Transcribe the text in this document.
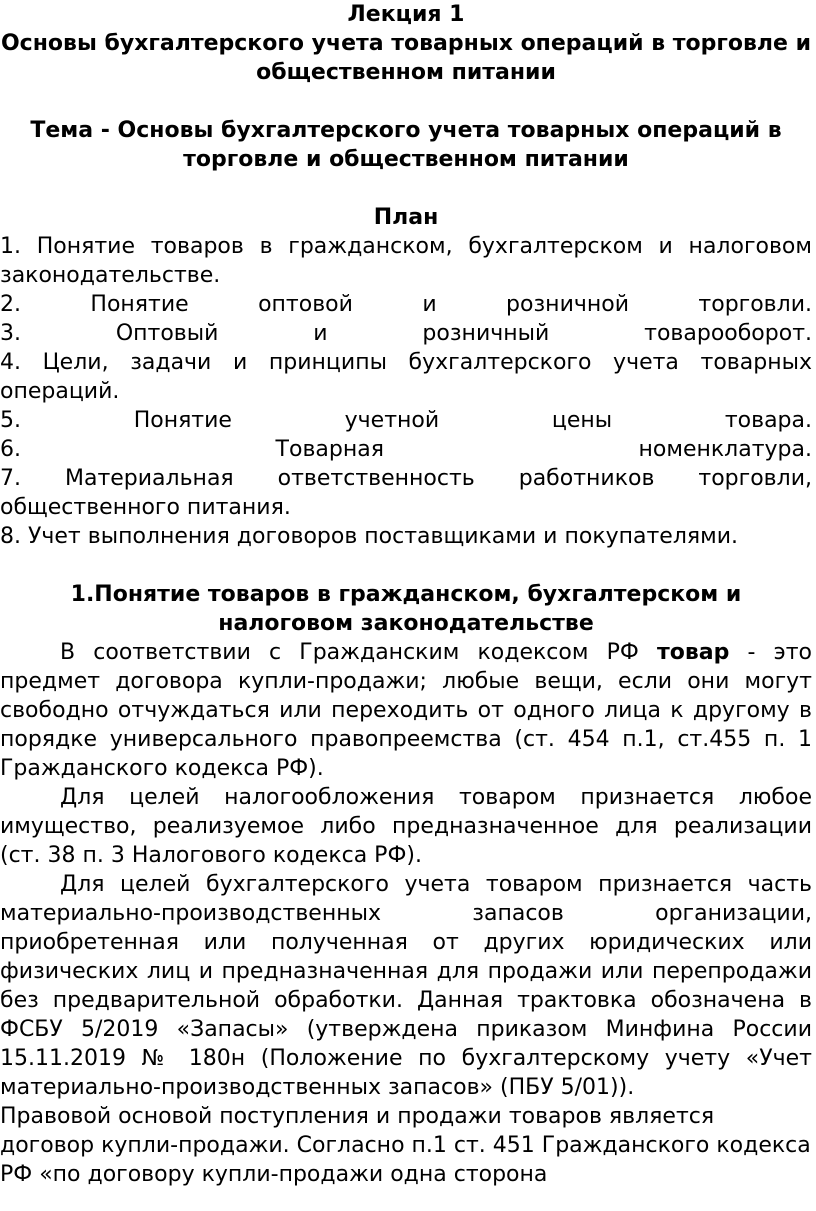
Лекция 1
Основы бухгалтерского учета товарных операций в торговле и общественном питании
Тема - Основы бухгалтерского учета товарных операций в торговле и общественном питании
План
1. Понятие товаров в гражданском, бухгалтерском и налоговом законодательстве.
2. Понятие оптовой и розничной торговли.
3. Оптовый и розничный товарооборот.
4. Цели, задачи и принципы бухгалтерского учета товарных операций.
5. Понятие учетной цены товара.
6. Товарная номенклатура.
7. Материальная ответственность работников торговли, общественного питания.
8. Учет выполнения договоров поставщиками и покупателями.
1.Понятие товаров в гражданском, бухгалтерском и налоговом законодательстве

В соответствии с Гражданским кодексом РФ товар - это предмет договора купли-продажи; любые вещи, если они могут свободно отчуждаться или переходить от одного лица к другому в порядке универсального правопреемства (ст. 454 п.1, ст.455 п. 1 Гражданского кодекса РФ).

Для целей налогообложения товаром признается любое имущество, реализуемое либо предназначенное для реализации (ст. 38 п. 3 Налогового кодекса РФ).

Для целей бухгалтерского учета товаром признается часть материально-производственных запасов организации, приобретенная или полученная от других юридических или физических лиц и предназначенная для продажи или перепродажи без предварительной обработки. Данная трактовка обозначена в ФСБУ 5/2019 «Запасы» (утверждена приказом Минфина России 15.11.2019 № 180н (Положение по бухгалтерскому учету «Учет материально-производственных запасов» (ПБУ 5/01)).

Правовой основой поступления и продажи товаров является договор купли-продажи. Согласно п.1 ст. 451 Гражданского кодекса РФ «по договору купли-продажи одна сторона
